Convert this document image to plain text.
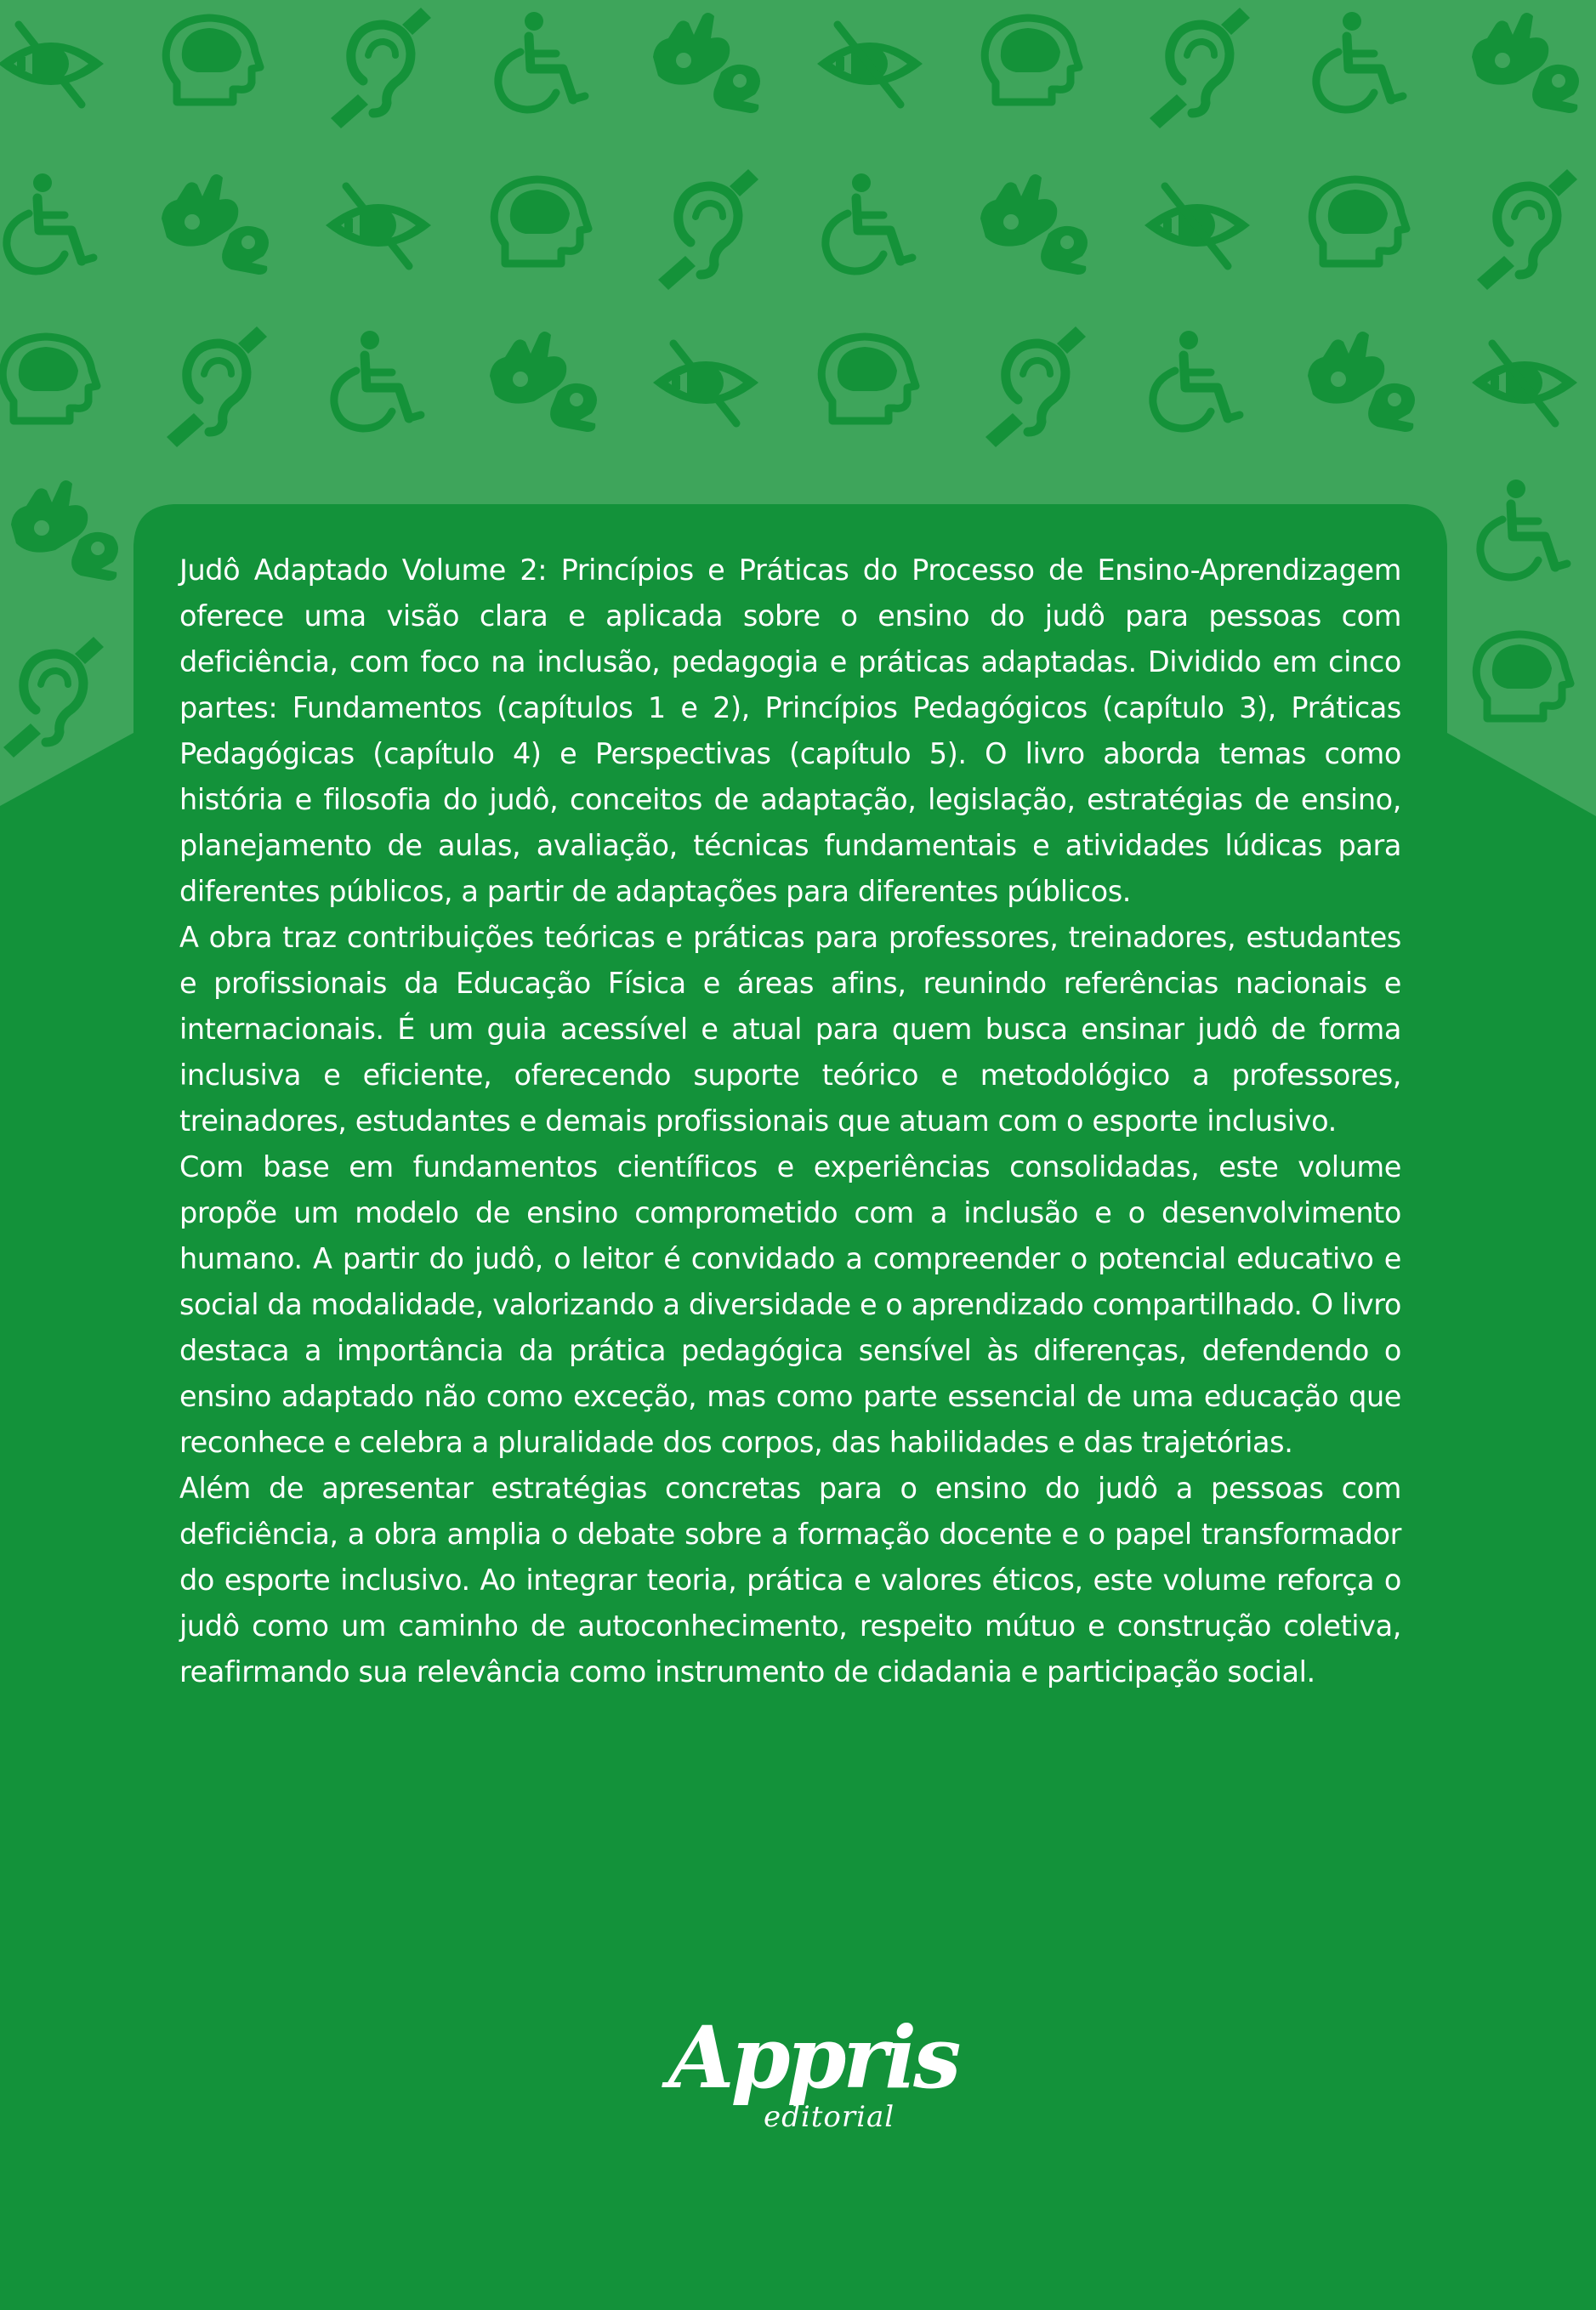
Judô Adaptado Volume 2: Princípios e Práticas do Processo de Ensino-Aprendizagem oferece uma visão clara e aplicada sobre o ensino do judô para pessoas com deficiência, com foco na inclusão, pedagogia e práticas adaptadas. Dividido em cinco partes: Fundamentos (capítulos 1 e 2), Princípios Pedagógicos (capítulo 3), Práticas Pedagógicas (capítulo 4) e Perspectivas (capítulo 5). O livro aborda temas como história e filosofia do judô, conceitos de adaptação, legislação, estratégias de ensino, planejamento de aulas, avaliação, técnicas fundamentais e atividades lúdicas para diferentes públicos, a partir de adaptações para diferentes públicos.

A obra traz contribuições teóricas e práticas para professores, treinadores, estudantes e profissionais da Educação Física e áreas afins, reunindo referências nacionais e internacionais. É um guia acessível e atual para quem busca ensinar judô de forma inclusiva e eficiente, oferecendo suporte teórico e metodológico a professores, treinadores, estudantes e demais profissionais que atuam com o esporte inclusivo.

Com base em fundamentos científicos e experiências consolidadas, este volume propõe um modelo de ensino comprometido com a inclusão e o desenvolvimento humano. A partir do judô, o leitor é convidado a compreender o potencial educativo e social da modalidade, valorizando a diversidade e o aprendizado compartilhado. O livro destaca a importância da prática pedagógica sensível às diferenças, defendendo o ensino adaptado não como exceção, mas como parte essencial de uma educação que reconhece e celebra a pluralidade dos corpos, das habilidades e das trajetórias.

Além de apresentar estratégias concretas para o ensino do judô a pessoas com deficiência, a obra amplia o debate sobre a formação docente e o papel transformador do esporte inclusivo. Ao integrar teoria, prática e valores éticos, este volume reforça o judô como um caminho de autoconhecimento, respeito mútuo e construção coletiva, reafirmando sua relevância como instrumento de cidadania e participação social.

Appris
editorial
